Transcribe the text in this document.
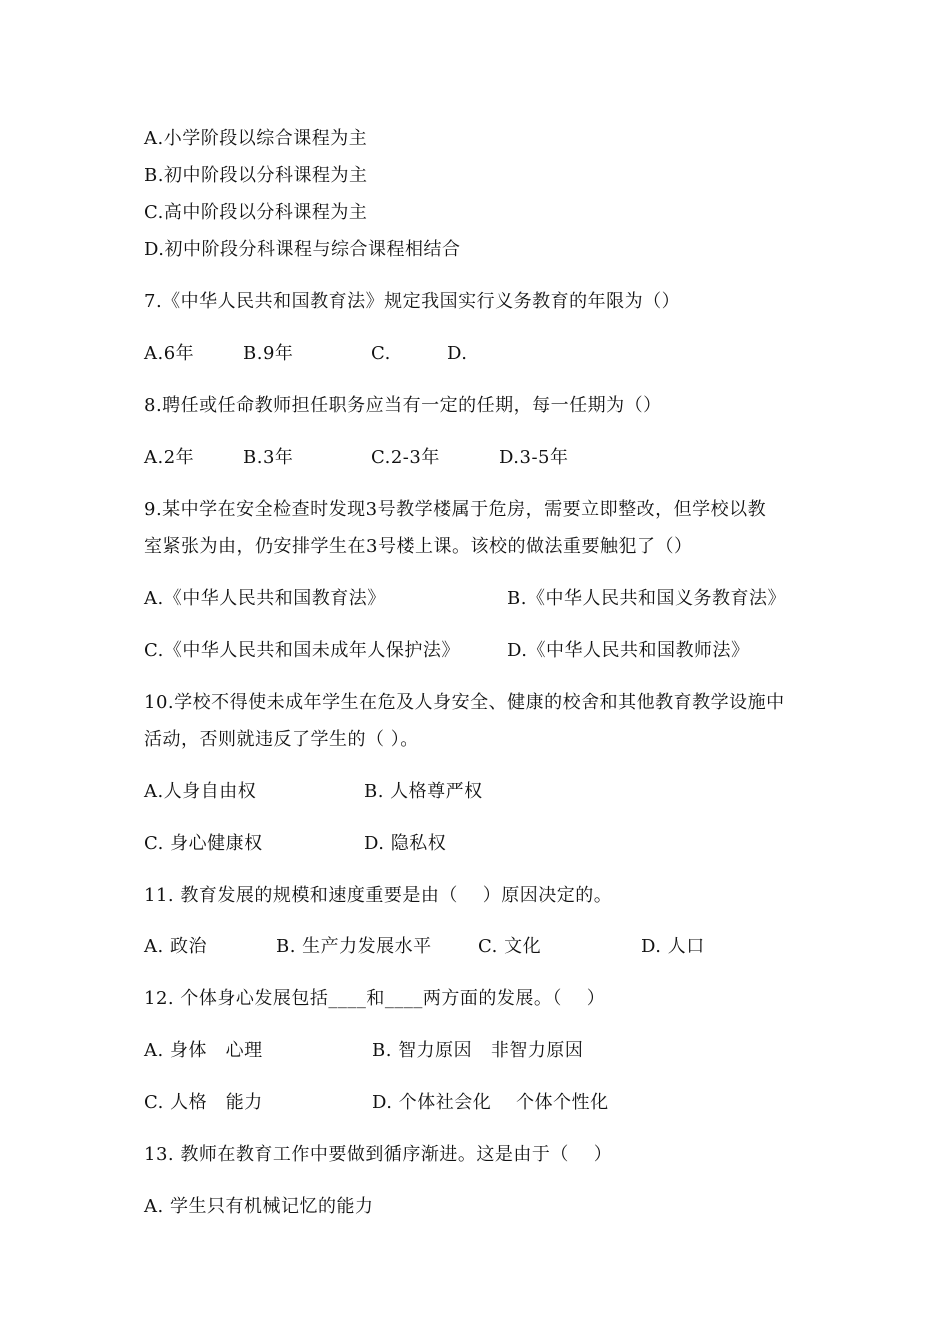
A.小学阶段以综合课程为主
B.初中阶段以分科课程为主
C.高中阶段以分科课程为主
D.初中阶段分科课程与综合课程相结合
7.《中华人民共和国教育法》规定我国实行义务教育的年限为（）
A.6年	B.9年	C.	D.
8.聘任或任命教师担任职务应当有一定的任期，每一任期为（）
A.2年	B.3年	C.2-3年	D.3-5年
9.某中学在安全检查时发现3号教学楼属于危房，需要立即整改，但学校以教
室紧张为由，仍安排学生在3号楼上课。该校的做法重要触犯了（）
A.《中华人民共和国教育法》	B.《中华人民共和国义务教育法》
C.《中华人民共和国未成年人保护法》	D.《中华人民共和国教师法》
10.学校不得使未成年学生在危及人身安全、健康的校舍和其他教育教学设施中
活动，否则就违反了学生的（ ）。
A.人身自由权	B. 人格尊严权
C. 身心健康权	D. 隐私权
11. 教育发展的规模和速度重要是由（    ）原因决定的。
A. 政治	B. 生产力发展水平	C. 文化	D. 人口
12. 个体身心发展包括____和____两方面的发展。（    ）
A. 身体   心理	B. 智力原因   非智力原因
C. 人格   能力	D. 个体社会化    个体个性化
13. 教师在教育工作中要做到循序渐进。这是由于（    ）
A. 学生只有机械记忆的能力
